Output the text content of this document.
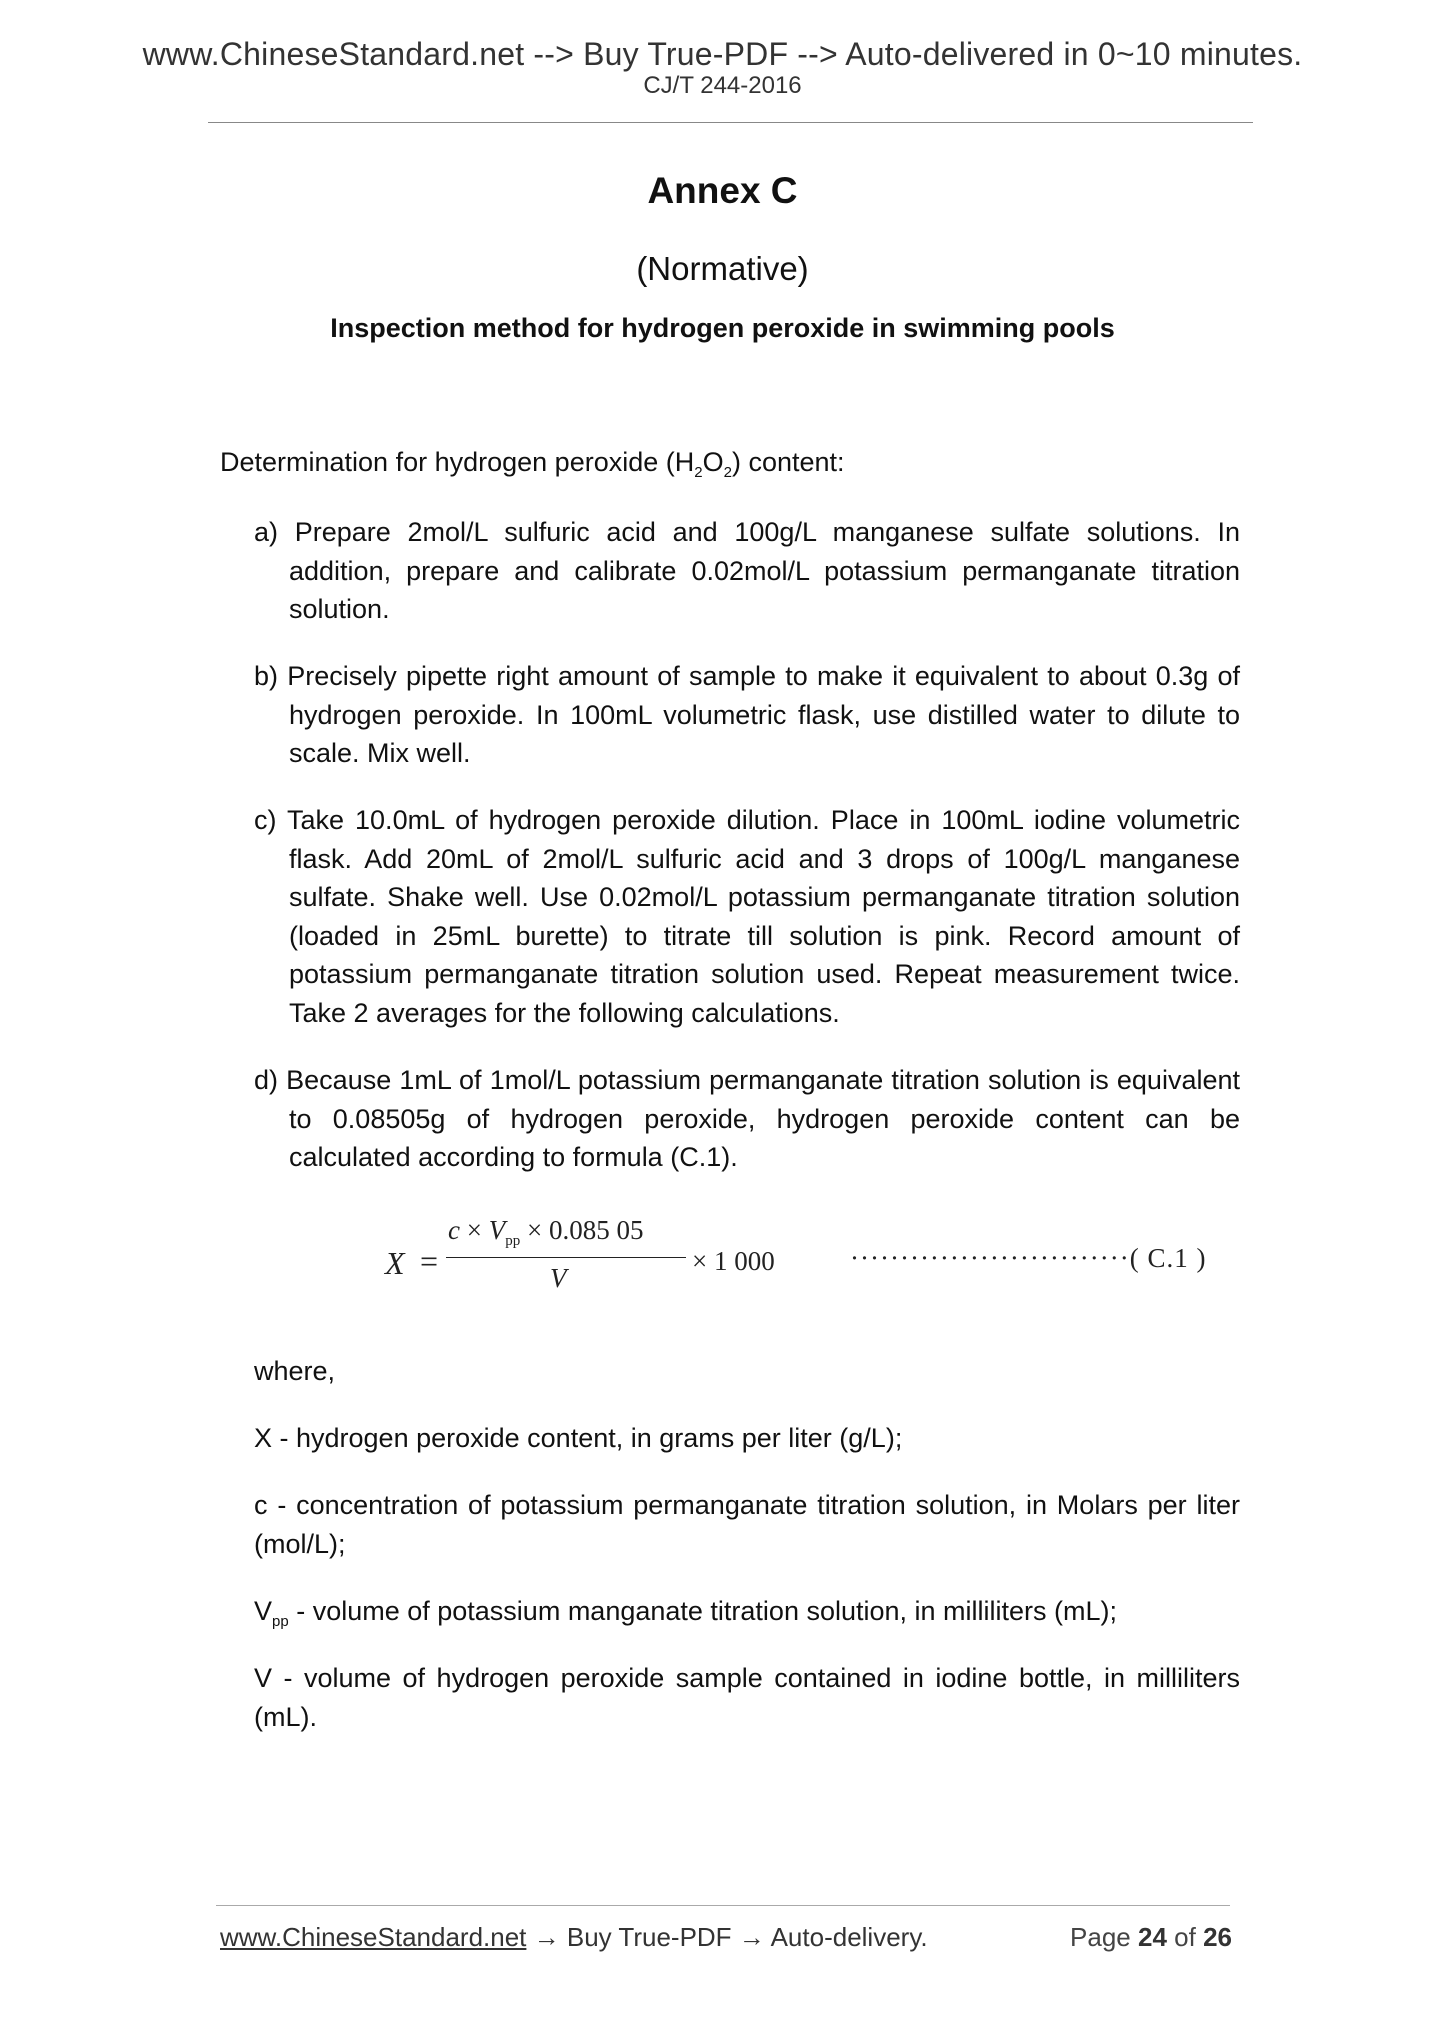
www.ChineseStandard.net --> Buy True-PDF --> Auto-delivered in 0~10 minutes.
CJ/T 244-2016
Annex C
(Normative)
Inspection method for hydrogen peroxide in swimming pools
Determination for hydrogen peroxide $(H_2O_2)$ content:
a) Prepare 2mol/L sulfuric acid and 100g/L manganese sulfate solutions. In addition, prepare and calibrate 0.02mol/L potassium permanganate titration solution.
b) Precisely pipette right amount of sample to make it equivalent to about 0.3g of hydrogen peroxide. In 100mL volumetric flask, use distilled water to dilute to scale. Mix well.
c) Take 10.0mL of hydrogen peroxide dilution. Place in 100mL iodine volumetric flask. Add 20mL of 2mol/L sulfuric acid and 3 drops of 100g/L manganese sulfate. Shake well. Use 0.02mol/L potassium permanganate titration solution (loaded in 25mL burette) to titrate till solution is pink. Record amount of potassium permanganate titration solution used. Repeat measurement twice. Take 2 averages for the following calculations.
d) Because 1mL of 1mol/L potassium permanganate titration solution is equivalent to 0.08505g of hydrogen peroxide, hydrogen peroxide content can be calculated according to formula (C.1).
X =
$c \times V_{pp} \times 0.085$ 05
V
× 1 000	····························( C.1 )
where,
X - hydrogen peroxide content, in grams per liter (g/L);
c - concentration of potassium permanganate titration solution, in Molars per liter (mol/L);
$V_{pp}$ - volume of potassium manganate titration solution, in milliliters (mL);
V - volume of hydrogen peroxide sample contained in iodine bottle, in milliliters (mL).
www.ChineseStandard.net → Buy True-PDF → Auto-delivery.	Page 24 of 26
